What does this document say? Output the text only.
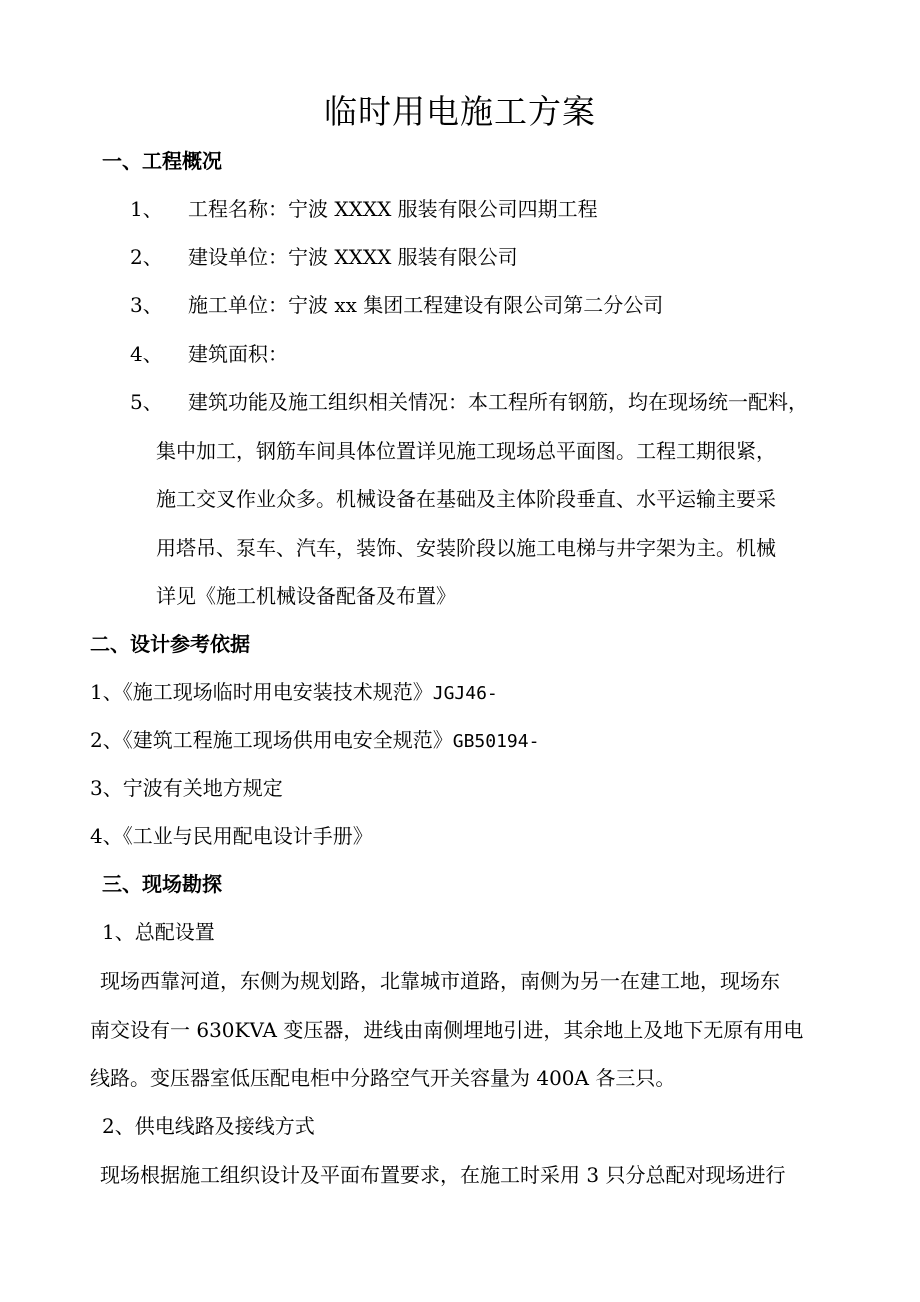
临时用电施工方案
一、工程概况
1、 工程名称：宁波 XXXX 服装有限公司四期工程
2、 建设单位：宁波 XXXX 服装有限公司
3、 施工单位：宁波 xx 集团工程建设有限公司第二分公司
4、 建筑面积：
5、 建筑功能及施工组织相关情况：本工程所有钢筋，均在现场统一配料，
集中加工，钢筋车间具体位置详见施工现场总平面图。工程工期很紧，
施工交叉作业众多。机械设备在基础及主体阶段垂直、水平运输主要采
用塔吊、泵车、汽车，装饰、安装阶段以施工电梯与井字架为主。机械
详见《施工机械设备配备及布置》
二、设计参考依据
1、《施工现场临时用电安装技术规范》JGJ46-
2、《建筑工程施工现场供用电安全规范》GB50194-
3、宁波有关地方规定
4、《工业与民用配电设计手册》
三、现场勘探
1、总配设置
现场西靠河道，东侧为规划路，北靠城市道路，南侧为另一在建工地，现场东
南交设有一 630KVA 变压器，进线由南侧埋地引进，其余地上及地下无原有用电
线路。变压器室低压配电柜中分路空气开关容量为 400A 各三只。
2、供电线路及接线方式
现场根据施工组织设计及平面布置要求，在施工时采用 3 只分总配对现场进行
